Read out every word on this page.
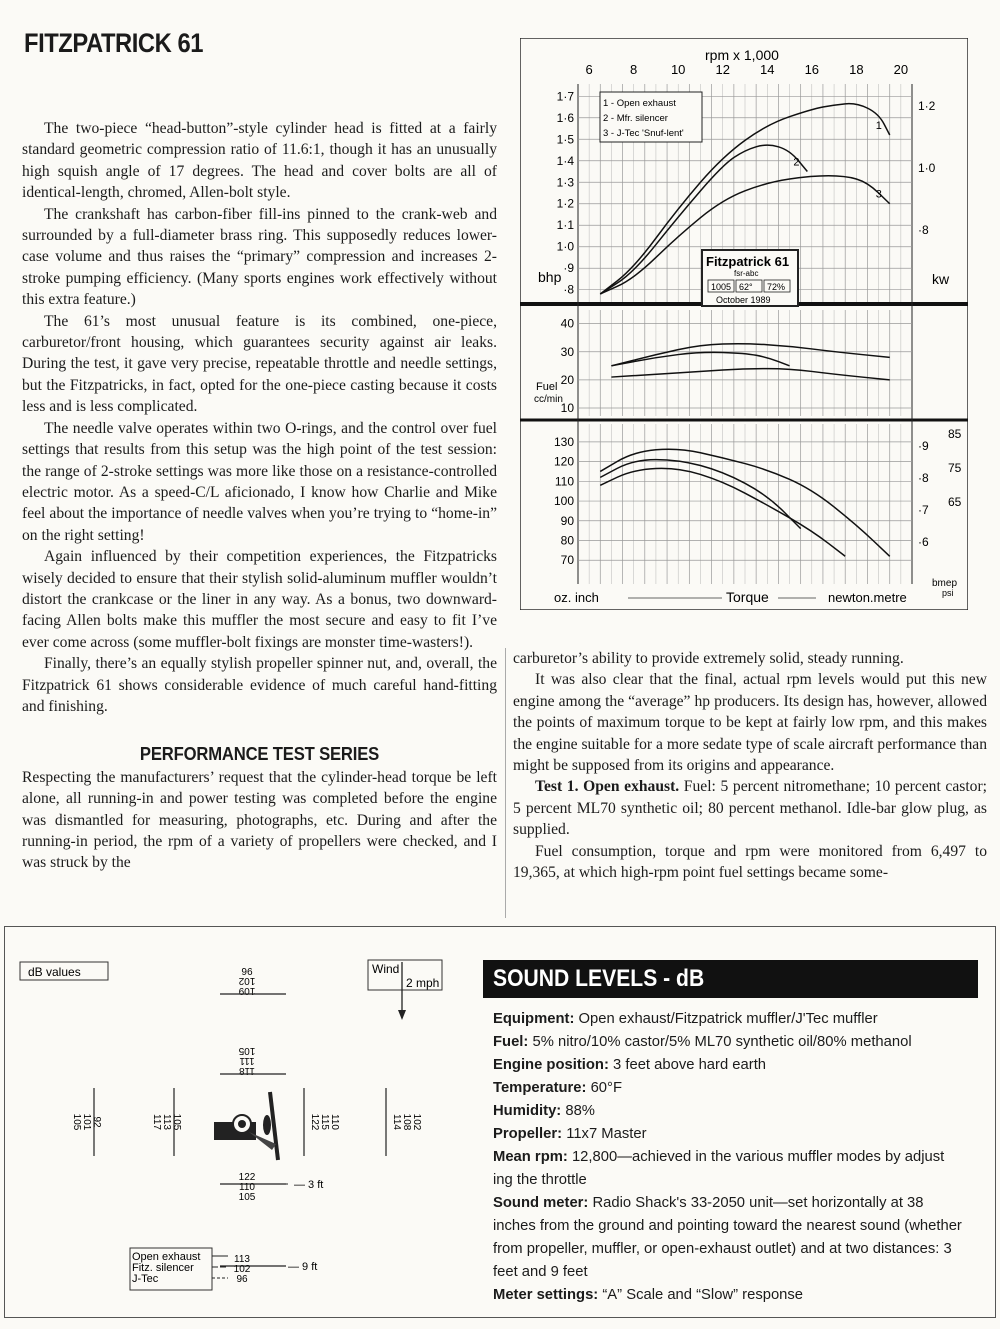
FITZPATRICK 61

The two-piece “head-button”-style cylinder head is fitted at a fairly standard geometric compression ratio of 11.6:1, though it has an unusually high squish angle of 17 degrees. The head and cover bolts are all of identical-length, chromed, Allen-bolt style.

The crankshaft has carbon-fiber fill-ins pinned to the crank-web and surrounded by a full-diameter brass ring. This supposedly reduces lower-case volume and thus raises the “primary” compression and increases 2-stroke pumping efficiency. (Many sports engines work effectively without this extra feature.)

The 61’s most unusual feature is its combined, one-piece, carburetor/front housing, which guarantees security against air leaks. During the test, it gave very precise, repeatable throttle and needle settings, but the Fitzpatricks, in fact, opted for the one-piece casting because it costs less and is less complicated.

The needle valve operates within two O-rings, and the control over fuel settings that results from this setup was the high point of the test session: the range of 2-stroke settings was more like those on a resistance-controlled electric motor. As a speed-C/L aficionado, I know how Charlie and Mike feel about the importance of needle valves when you’re trying to “home-in” on the right setting!

Again influenced by their competition experiences, the Fitzpatricks wisely decided to ensure that their stylish solid-aluminum muffler wouldn’t distort the crankcase or the liner in any way. As a bonus, two downward-facing Allen bolts make this muffler the most secure and easy to fit I’ve ever come across (some muffler-bolt fixings are monster time-wasters!).

Finally, there’s an equally stylish propeller spinner nut, and, overall, the Fitzpatrick 61 shows considerable evidence of much careful hand-fitting and finishing.

PERFORMANCE TEST SERIES

Respecting the manufacturers’ request that the cylinder-head torque be left alone, all running-in and power testing was completed before the engine was dismantled for measuring, photographs, etc. During and after the running-in period, the rpm of a variety of propellers were checked, and I was struck by the

carburetor’s ability to provide extremely solid, steady running.

It was also clear that the final, actual rpm levels would put this new engine among the “average” hp producers. Its design has, however, allowed the points of maximum torque to be kept at fairly low rpm, and this makes the engine suitable for a more sedate type of scale aircraft performance than might be supposed from its origins and appearance.

Test 1. Open exhaust. Fuel: 5 percent nitromethane; 10 percent castor; 5 percent ML70 synthetic oil; 80 percent methanol. Idle-bar glow plug, as supplied.

Fuel consumption, torque and rpm were monitored from 6,497 to 19,365, at which high-rpm point fuel settings became some-

rpm x 1,000
6	8	10 12 14 16 18 20
1·7
1·6
1·5
1·4
1·3
1·2
1·1
1·0
·9
·8
1
2
3
bhp
1·2
1·0
·8
kw
40
30
20
10
Fuel
cc/min
130
120
110
100
90
80
70
·9
·8
·7
·6
85
75
65
bmep
psi
1 - Open exhaust
2 - Mfr. silencer
3 - J-Tec 'Snuf-lent'
Fitzpatrick 61
fsr-abc
1005 62° 72%
October 1989
oz. inch	Torque	newton.metre
dB values	Wind
2 mph
96
102
109
105
111
118
105 101 92	117 113 105	122 115 110	114 108 102
122
110
105
— 3 ft
113
102
96
— 9 ft
Open exhaust
Fitz. silencer
J-Tec
SOUND LEVELS - dB
Equipment: Open exhaust/Fitzpatrick muffler/J'Tec muffler
Fuel: 5% nitro/10% castor/5% ML70 synthetic oil/80% methanol
Engine position: 3 feet above hard earth
Temperature: 60°F
Humidity: 88%
Propeller: 11x7 Master
Mean rpm: 12,800—achieved in the various muffler modes by adjust ing the throttle
Sound meter: Radio Shack's 33-2050 unit—set horizontally at 38 inches from the ground and pointing toward the nearest sound (whether from propeller, muffler, or open-exhaust outlet) and at two distances: 3 feet and 9 feet
Meter settings: “A” Scale and “Slow” response
